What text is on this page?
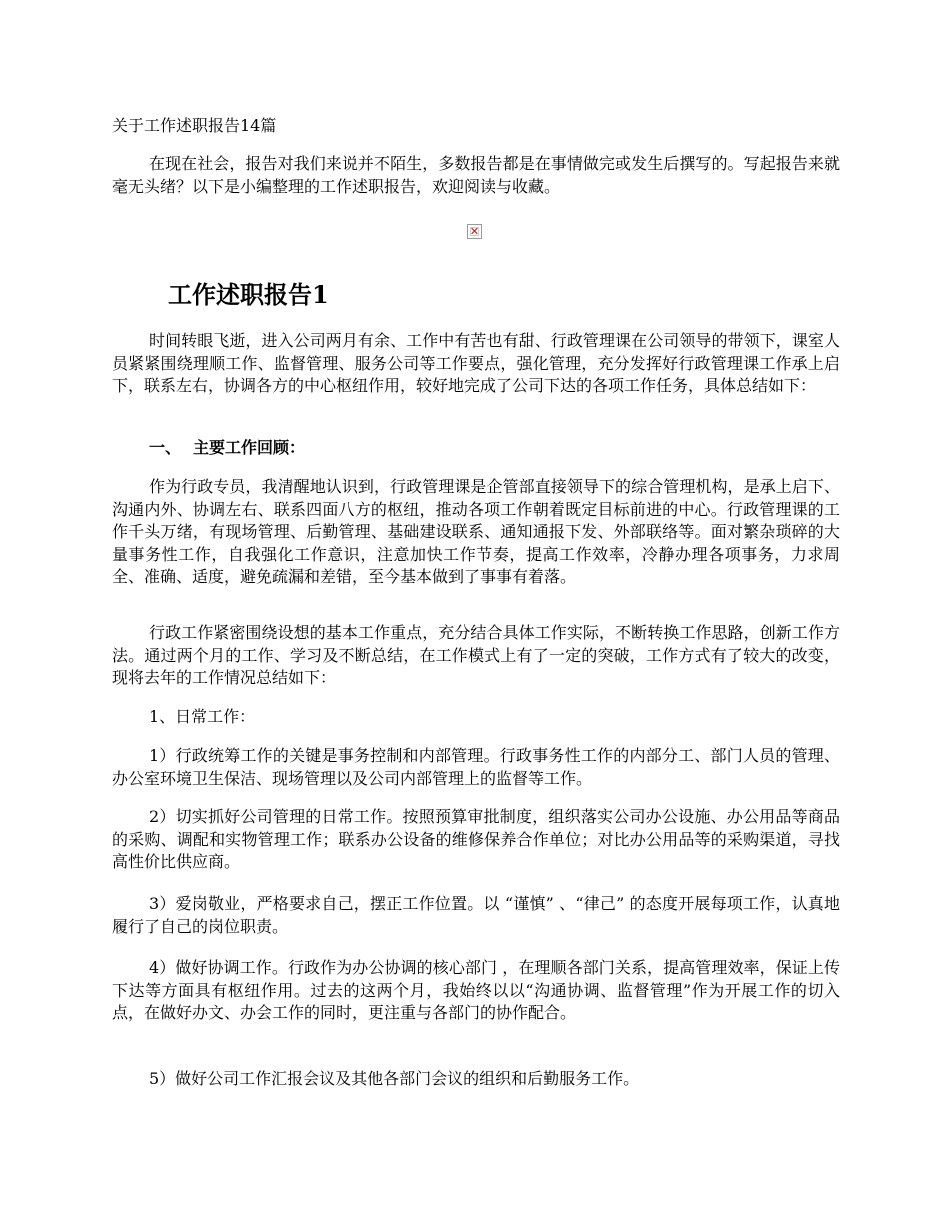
关于工作述职报告14篇

在现在社会，报告对我们来说并不陌生，多数报告都是在事情做完或发生后撰写的。写起报告来就毫无头绪？以下是小编整理的工作述职报告，欢迎阅读与收藏。

✕
工作述职报告1

时间转眼飞逝，进入公司两月有余、工作中有苦也有甜、行政管理课在公司领导的带领下，课室人员紧紧围绕理顺工作、监督管理、服务公司等工作要点，强化管理，充分发挥好行政管理课工作承上启下，联系左右，协调各方的中心枢纽作用，较好地完成了公司下达的各项工作任务，具体总结如下：

一、 主要工作回顾：

作为行政专员，我清醒地认识到，行政管理课是企管部直接领导下的综合管理机构，是承上启下、沟通内外、协调左右、联系四面八方的枢纽，推动各项工作朝着既定目标前进的中心。行政管理课的工作千头万绪，有现场管理、后勤管理、基础建设联系、通知通报下发、外部联络等。面对繁杂琐碎的大量事务性工作，自我强化工作意识，注意加快工作节奏，提高工作效率，冷静办理各项事务，力求周全、准确、适度，避免疏漏和差错，至今基本做到了事事有着落。

行政工作紧密围绕设想的基本工作重点，充分结合具体工作实际，不断转换工作思路，创新工作方法。通过两个月的工作、学习及不断总结，在工作模式上有了一定的突破，工作方式有了较大的改变，现将去年的工作情况总结如下：

1、日常工作：

1）行政统筹工作的关键是事务控制和内部管理。行政事务性工作的内部分工、部门人员的管理、办公室环境卫生保洁、现场管理以及公司内部管理上的监督等工作。

2）切实抓好公司管理的日常工作。按照预算审批制度，组织落实公司办公设施、办公用品等商品的采购、调配和实物管理工作；联系办公设备的维修保养合作单位；对比办公用品等的采购渠道，寻找高性价比供应商。

3）爱岗敬业，严格要求自己，摆正工作位置。以 “谨慎” 、“律己” 的态度开展每项工作，认真地履行了自己的岗位职责。

4）做好协调工作。行政作为办公协调的核心部门 ，在理顺各部门关系，提高管理效率，保证上传下达等方面具有枢纽作用。过去的这两个月，我始终以以“沟通协调、监督管理”作为开展工作的切入点，在做好办文、办会工作的同时，更注重与各部门的协作配合。

5）做好公司工作汇报会议及其他各部门会议的组织和后勤服务工作。
